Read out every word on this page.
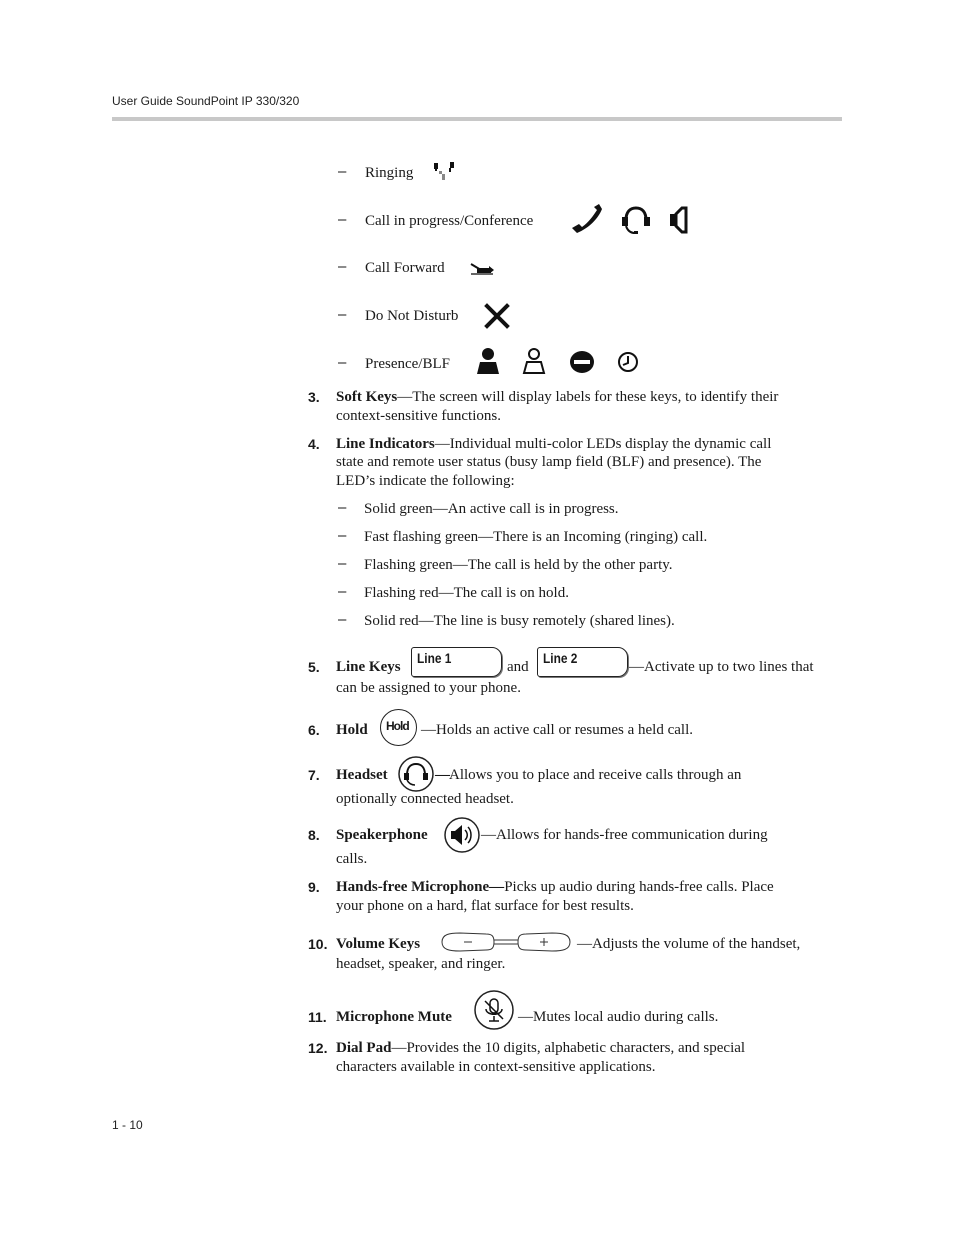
User Guide SoundPoint IP 330/320
– Ringing
– Call in progress/Conference
– Call Forward
– Do Not Disturb
– Presence/BLF
3. Soft Keys—The screen will display labels for these keys, to identify their
context-sensitive functions.
4. Line Indicators—Individual multi-color LEDs display the dynamic call
state and remote user status (busy lamp field (BLF) and presence). The
LED’s indicate the following:
– Solid green—An active call is in progress.
– Fast flashing green—There is an Incoming (ringing) call.
– Flashing green—The call is held by the other party.
– Flashing red—The call is on hold.
– Solid red—The line is busy remotely (shared lines).
5. Line Keys
Line 1
and
Line 2
—Activate up to two lines that
can be assigned to your phone.
6. Hold Hold —Holds an active call or resumes a held call.
7. Headset	— Allows you to place and receive calls through an
optionally connected headset.
8. Speakerphone	—Allows for hands-free communication during
calls.
9. Hands-free Microphone—Picks up audio during hands-free calls. Place
your phone on a hard, flat surface for best results.
10. Volume Keys	—Adjusts the volume of the handset,
headset, speaker, and ringer.
11. Microphone Mute	—Mutes local audio during calls.
12. Dial Pad—Provides the 10 digits, alphabetic characters, and special
characters available in context-sensitive applications.
1 - 10
